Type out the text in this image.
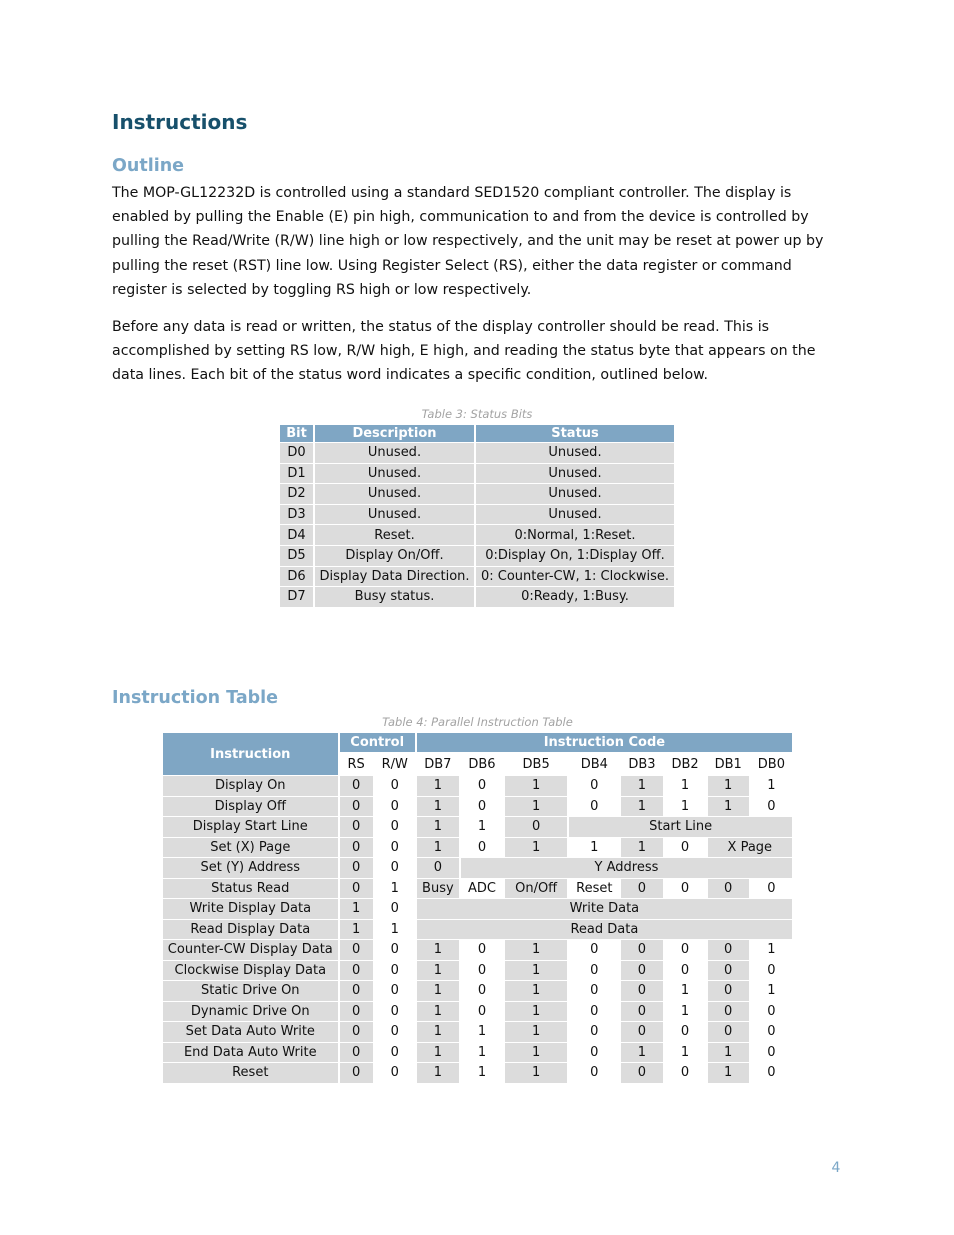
Instructions
Outline

The MOP-GL12232D is controlled using a standard SED1520 compliant controller. The display is enabled by pulling the Enable (E) pin high, communication to and from the device is controlled by pulling the Read/Write (R/W) line high or low respectively, and the unit may be reset at power up by pulling the reset (RST) line low. Using Register Select (RS), either the data register or command register is selected by toggling RS high or low respectively.

Before any data is read or written, the status of the display controller should be read. This is accomplished by setting RS low, R/W high, E high, and reading the status byte that appears on the data lines. Each bit of the status word indicates a specific condition, outlined below.

Table 3: Status Bits

Bit	Description	Status
D0	Unused.	Unused.
D1	Unused.	Unused.
D2	Unused.	Unused.
D3	Unused.	Unused.
D4	Reset.	0:Normal, 1:Reset.
D5	Display On/Off.	0:Display On, 1:Display Off.
D6	Display Data Direction.	0: Counter-CW, 1: Clockwise.
D7	Busy status.	0:Ready, 1:Busy.
Instruction Table

Table 4: Parallel Instruction Table

Instruction	Control		Instruction Code							
	RS	R/W	DB7	DB6	DB5	DB4	DB3	DB2	DB1	DB0
Display On	0	0	1	0	1	0	1	1	1	1
Display Off	0	0	1	0	1	0	1	1	1	0
Display Start Line	0	0	1	1	0	Start Line				
Set (X) Page	0	0	1	0	1	1	1	0	X Page	
Set (Y) Address	0	0	0	Y Address						
Status Read	0	1	Busy	ADC	On/Off	Reset	0	0	0	0
Write Display Data	1	0	Write Data							
Read Display Data	1	1	Read Data							
Counter-CW Display Data	0	0	1	0	1	0	0	0	0	1
Clockwise Display Data	0	0	1	0	1	0	0	0	0	0
Static Drive On	0	0	1	0	1	0	0	1	0	1
Dynamic Drive On	0	0	1	0	1	0	0	1	0	0
Set Data Auto Write	0	0	1	1	1	0	0	0	0	0
End Data Auto Write	0	0	1	1	1	0	1	1	1	0
Reset	0	0	1	1	1	0	0	0	1	0

4
